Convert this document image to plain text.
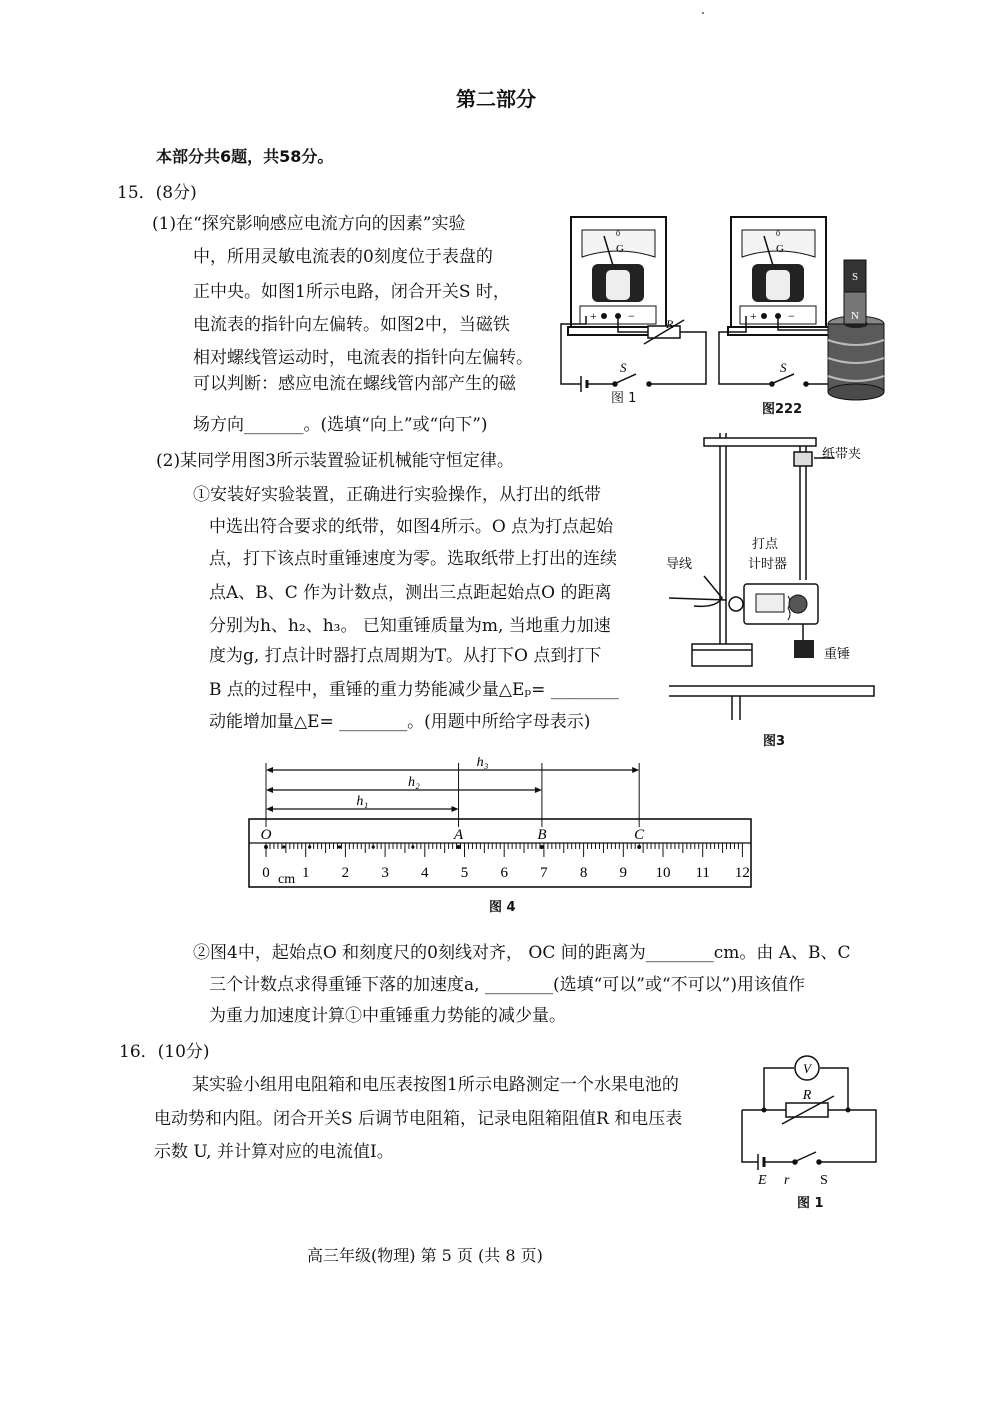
第二部分
本部分共6题，共58分。
15．(8分)
(1)在“探究影响感应电流方向的因素”实验
中，所用灵敏电流表的0刻度位于表盘的
正中央。如图1所示电路，闭合开关S 时，
电流表的指针向左偏转。如图2中，当磁铁
相对螺线管运动时，电流表的指针向左偏转。
可以判断：感应电流在螺线管内部产生的磁
场方向_______。(选填“向上”或“向下”)
G
0
+	−
S
R
G
0
+	−
S
S
N
图 1
图222
(2)某同学用图3所示装置验证机械能守恒定律。
①安装好实验装置，正确进行实验操作，从打出的纸带
中选出符合要求的纸带，如图4所示。O 点为打点起始
点，打下该点时重锤速度为零。选取纸带上打出的连续
点A、B、C 作为计数点，测出三点距起始点O 的距离
分别为h、h₂、h₃。 已知重锤质量为m, 当地重力加速
度为g, 打点计时器打点周期为T。从打下O 点到打下
B 点的过程中，重锤的重力势能减少量△Eₚ= ________
动能增加量△E= ________。(用题中所给字母表示)
纸带夹
导线
打点
计时器
重锤
图3
0 1 2 3 4 5 6 7 8 9 10 11 12
cm
O	A	B	C
h₁
h₂
h₃
图 4
②图4中，起始点O 和刻度尺的0刻线对齐， OC 间的距离为________cm。由 A、B、C
三个计数点求得重锤下落的加速度a, ________(选填“可以”或“不可以”)用该值作
为重力加速度计算①中重锤重力势能的减少量。
16．(10分)
某实验小组用电阻箱和电压表按图1所示电路测定一个水果电池的
电动势和内阻。闭合开关S 后调节电阻箱，记录电阻箱阻值R 和电压表
示数 U, 并计算对应的电流值I。
V
R
E r S
图 1
高三年级(物理) 第 5 页 (共 8 页)
